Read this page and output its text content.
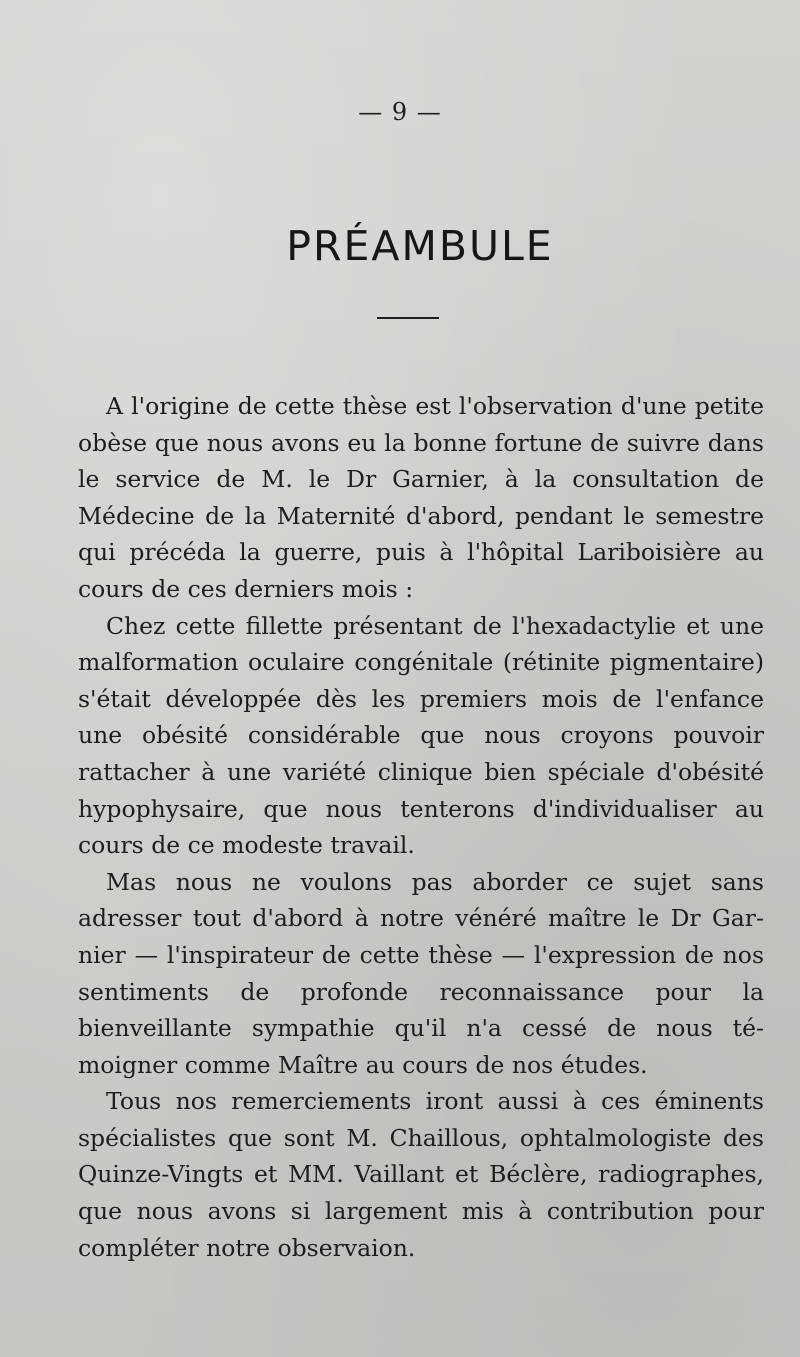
— 9 —
PRÉAMBULE

A l'origine de cette thèse est l'observation d'une petite obèse que nous avons eu la bonne fortune de suivre dans le service de M. le Dr Garnier, à la consultation de Médecine de la Maternité d'abord, pendant le semestre qui précéda la guerre, puis à l'hôpital Lariboisière au cours de ces derniers mois :

Chez cette fillette présentant de l'hexadactylie et une malformation oculaire congénitale (rétinite pigmentaire) s'était développée dès les premiers mois de l'enfance une obésité considérable que nous croyons pouvoir rattacher à une variété clinique bien spéciale d'obésité hypophysaire, que nous tenterons d'individualiser au cours de ce modeste travail.

Mas nous ne voulons pas aborder ce sujet sans adresser tout d'abord à notre vénéré maître le Dr Garnier — l'inspirateur de cette thèse — l'expression de nos sentiments de profonde reconnaissance pour la bienveillante sympathie qu'il n'a cessé de nous témoigner comme Maître au cours de nos études.

Tous nos remerciements iront aussi à ces éminents spécialistes que sont M. Chaillous, ophtalmologiste des Quinze-Vingts et MM. Vaillant et Béclère, radiographes, que nous avons si largement mis à contribution pour compléter notre observaion.
